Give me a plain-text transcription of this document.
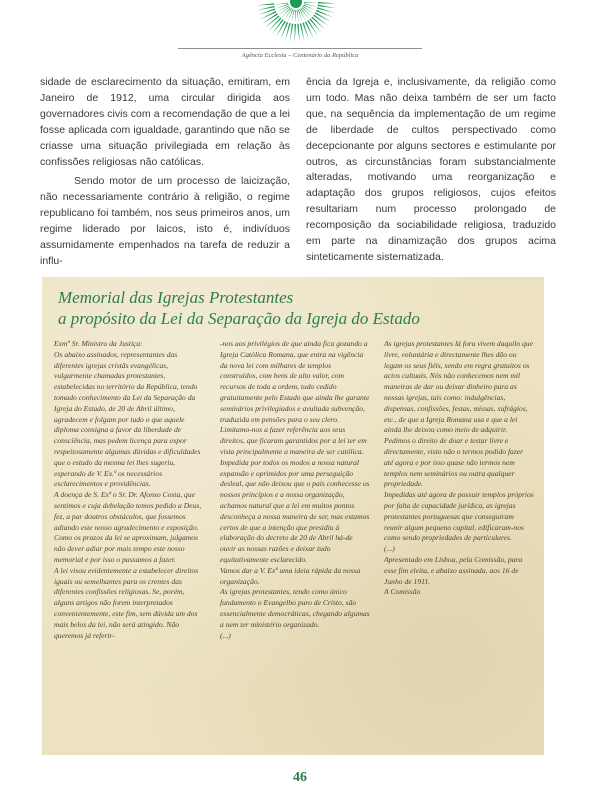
Agência Ecclesia – Centenário da República

sidade de esclarecimento da situação, emitiram, em Janeiro de 1912, uma circular dirigida aos governadores civis com a recomendação de que a lei fosse aplicada com igualdade, garantindo que não se criasse uma situação privilegiada em relação às confissões religiosas não católicas.

Sendo motor de um processo de laicização, não necessariamente contrário à religião, o regime republicano foi também, nos seus primeiros anos, um regime liderado por laicos, isto é, indivíduos assumidamente empenhados na tarefa de reduzir a influ-

ência da Igreja e, inclusivamente, da religião como um todo. Mas não deixa também de ser um facto que, na sequência da implementação de um regime de liberdade de cultos perspectivado como decepcionante por alguns sectores e estimulante por outros, as circunstâncias foram substancialmente alteradas, motivando uma reorganização e adaptação dos grupos religiosos, cujos efeitos resultariam num processo prolongado de recomposição da sociabilidade religiosa, traduzido em parte na dinamização dos grupos acima sinteticamente sistematizada.

Memorial das Igrejas Protestantes
a propósito da Lei da Separação da Igreja do Estado

Exmº Sr. Ministro da Justiça:

Os abaixo assinados, representantes das diferentes igrejas cristãs evangélicas, vulgarmente chamadas protestantes, estabelecidas no território da República, tendo tomado conhecimento da Lei da Separação da Igreja do Estado, de 20 de Abril último, agradecem e folgam por tudo o que aquele diploma consigna a favor da liberdade de consciência, mas pedem licença para expor respeitosamente algumas dúvidas e dificuldades que o estudo da mesma lei lhes sugeriu, esperando de V. Ex.ª os necessários esclarecimentos e providências.

A doença de S. Exª o Sr. Dr. Afonso Costa, que sentimos e cuja debelação temos pedido a Deus, fez, a par doutros obstáculos, que fossemos adiando este nosso agradecimento e exposição. Como os prazos da lei se aproximam, julgamos não dever adiar por mais tempo este nosso memorial e por isso o passamos a fazer.

A lei visou evidentemente a estabelecer direitos iguais ou semelhantes para os crentes das diferentes confissões religiosas. Se, porém, alguns artigos não forem interpretados convenientemente, este fim, sem dúvida um dos mais belos da lei, não será atingido. Não queremos já referir-

-nos aos privilégios de que ainda fica gozando a Igreja Católica Romana, que entra na vigência da nova lei com milhares de templos construídos, com bens de alto valor, com recursos de toda a ordem, tudo cedido gratuitamente pelo Estado que ainda lhe garante seminários privilegiados e avultada subvenção, traduzida em pensões para o seu clero. Limitamo-nos a fazer referência aos seus direitos, que ficaram garantidos por a lei ter em vista principalmente a maneira de ser católica.

Impedida por todos os modos a nossa natural expansão e oprimidos por uma perseguição desleal, que não deixou que o país conhecesse os nossos princípios e a nossa organização, achamos natural que a lei em muitos pontos desconheça a nossa maneira de ser, mas estamos certos de que a intenção que presidiu à elaboração do decreto de 20 de Abril há-de ouvir as nossas razões e deixar tudo equitativamente esclarecido.

Vamos dar a V. Exª uma ideia rápida da nossa organização.

As igrejas protestantes, tendo como único fundamento o Evangelho puro de Cristo, são essencialmente democráticas, chegando algumas a nem ter ministério organizado.

(...)

As igrejas protestantes lá fora vivem daquilo que livre, voluntária e directamente lhes dão ou legam os seus fiéis, sendo em regra gratuitos os actos cultuais. Nós não conhecemos nem mil maneiras de dar ou deixar dinheiro para as nossas igrejas, tais como: indulgências, dispensas, confissões, festas, missas, sufrágios, etc., de que a Igreja Romana usa e que a lei ainda lhe deixou como meio de adquirir.

Pedimos o direito de doar e testar livre e directamente, visto não o termos podido fazer até agora e por isso quase não termos nem templos nem seminários ou outra qualquer propriedade.

Impedidas até agora de possuir templos próprios por falta de capacidade jurídica, as igrejas protestantes portuguesas que conseguiram reunir algum pequeno capital, edificaram-nos como sendo propriedades de particulares.

(...)

Apresentado em Lisboa, pela Comissão, para esse fim eleita, e abaixo assinada, aos 16 de Junho de 1911.

A Comissão

46
